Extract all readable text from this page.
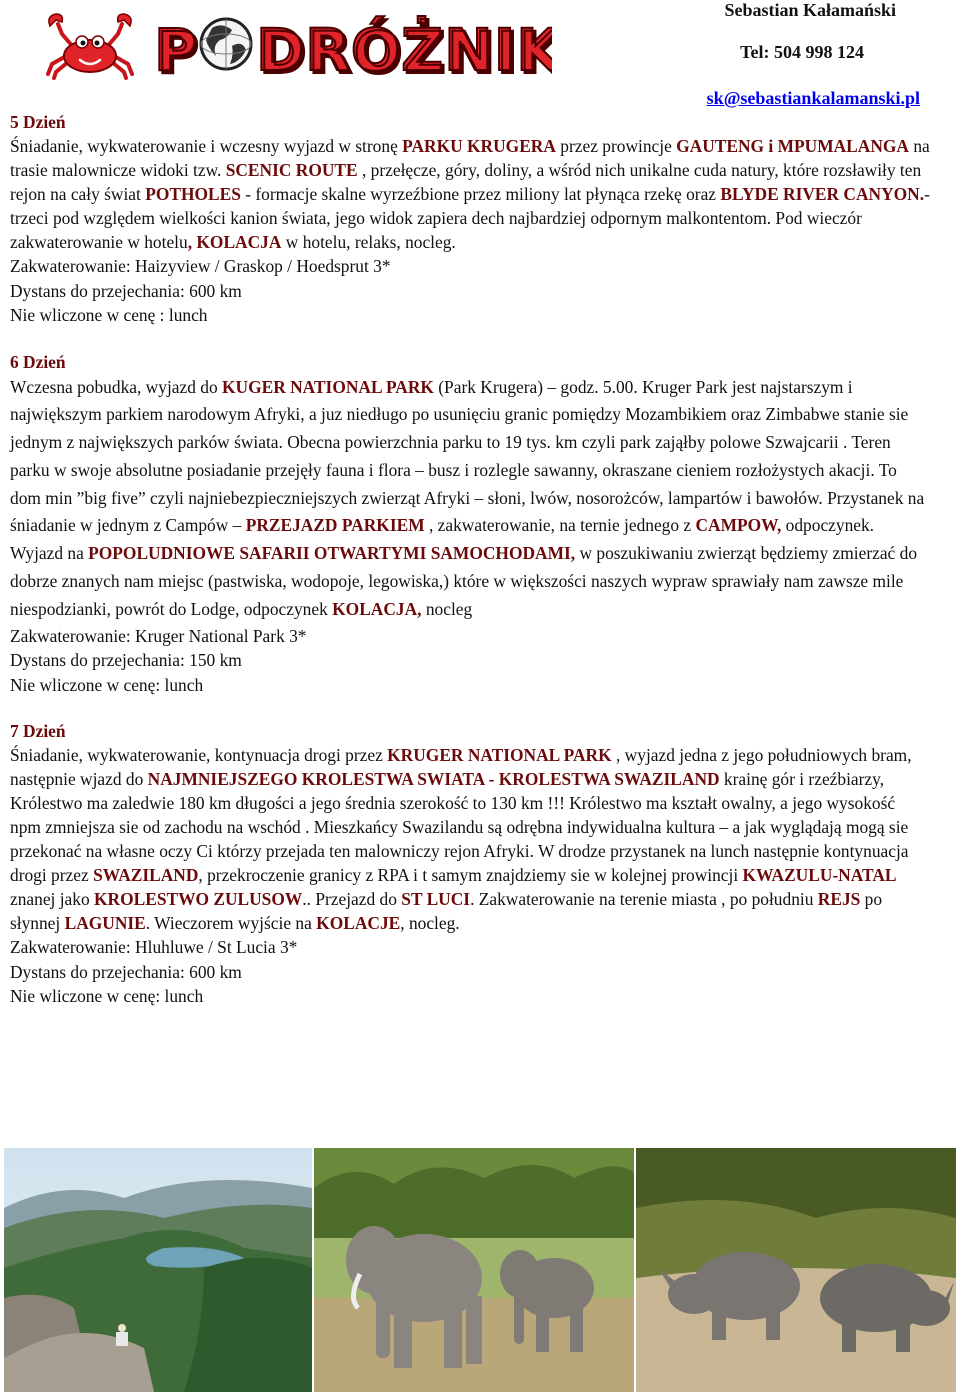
P DRÓŻNIK
Sebastian Kałamański
Tel: 504 998 124
sk@sebastiankalamanski.pl

5 Dzień

Śniadanie, wykwaterowanie i wczesny wyjazd w stronę PARKU KRUGERA przez prowincje GAUTENG i MPUMALANGA na trasie malownicze widoki tzw. SCENIC ROUTE , przełęcze, góry, doliny, a wśród nich unikalne cuda natury, które rozsławiły ten rejon na cały świat POTHOLES - formacje skalne wyrzeźbione przez miliony lat płynąca rzekę oraz BLYDE RIVER CANYON.- trzeci pod względem wielkości kanion świata, jego widok zapiera dech najbardziej odpornym malkontentom. Pod wieczór zakwaterowanie w hotelu, KOLACJA w hotelu, relaks, nocleg.

Zakwaterowanie: Haizyview / Graskop / Hoedsprut 3*

Dystans do przejechania: 600 km

Nie wliczone w cenę : lunch

6 Dzień

Wczesna pobudka, wyjazd do KUGER NATIONAL PARK (Park Krugera) – godz. 5.00. Kruger Park jest najstarszym i największym parkiem narodowym Afryki, a juz niedługo po usunięciu granic pomiędzy Mozambikiem oraz Zimbabwe stanie sie jednym z największych parków świata. Obecna powierzchnia parku to 19 tys. km czyli park zająłby polowe Szwajcarii . Teren parku w swoje absolutne posiadanie przejęły fauna i flora – busz i rozlegle sawanny, okraszane cieniem rozłożystych akacji. To dom min ”big five” czyli najniebezpieczniejszych zwierząt Afryki – słoni, lwów, nosorożców, lampartów i bawołów. Przystanek na śniadanie w jednym z Campów – PRZEJAZD PARKIEM , zakwaterowanie, na ternie jednego z CAMPOW, odpoczynek. Wyjazd na POPOLUDNIOWE SAFARII OTWARTYMI SAMOCHODAMI, w poszukiwaniu zwierząt będziemy zmierzać do dobrze znanych nam miejsc (pastwiska, wodopoje, legowiska,) które w większości naszych wypraw sprawiały nam zawsze mile niespodzianki, powrót do Lodge, odpoczynek KOLACJA, nocleg

Zakwaterowanie: Kruger National Park 3*

Dystans do przejechania: 150 km

Nie wliczone w cenę: lunch

7 Dzień

Śniadanie, wykwaterowanie, kontynuacja drogi przez KRUGER NATIONAL PARK , wyjazd jedna z jego południowych bram, następnie wjazd do NAJMNIEJSZEGO KROLESTWA SWIATA - KROLESTWA SWAZILAND krainę gór i rzeźbiarzy,

Królestwo ma zaledwie 180 km długości a jego średnia szerokość to 130 km !!! Królestwo ma kształt owalny, a jego wysokość npm zmniejsza sie od zachodu na wschód . Mieszkańcy Swazilandu są odrębna indywidualna kultura – a jak wyglądają mogą sie przekonać na własne oczy Ci którzy przejada ten malowniczy rejon Afryki. W drodze przystanek na lunch następnie kontynuacja drogi przez SWAZILAND, przekroczenie granicy z RPA i t samym znajdziemy sie w kolejnej prowincji KWAZULU-NATAL znanej jako KROLESTWO ZULUSOW.. Przejazd do ST LUCI. Zakwaterowanie na terenie miasta , po południu REJS po słynnej LAGUNIE. Wieczorem wyjście na KOLACJE, nocleg.

Zakwaterowanie: Hluhluwe / St Lucia 3*

Dystans do przejechania: 600 km

Nie wliczone w cenę: lunch
